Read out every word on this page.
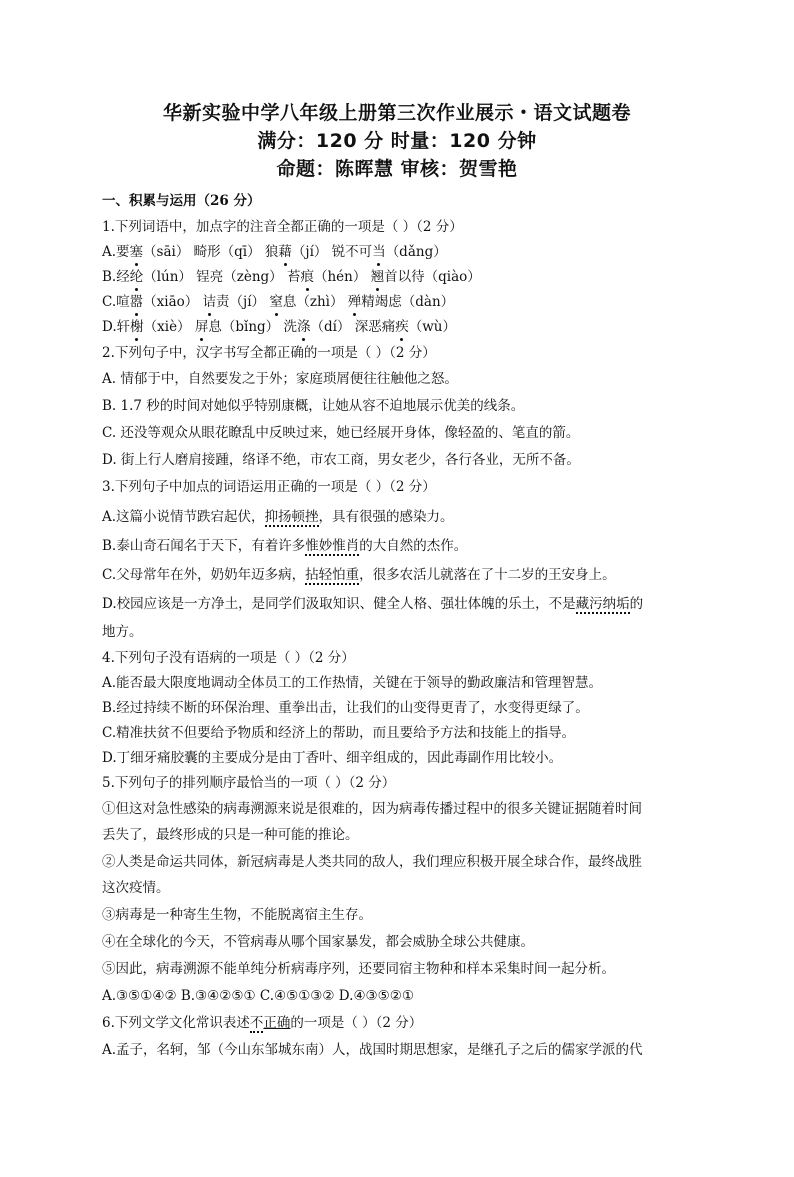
华新实验中学八年级上册第三次作业展示・语文试题卷
满分：120 分 时量：120 分钟
命题：陈晖慧 审核：贺雪艳
一、积累与运用（26 分）
1.下列词语中，加点字的注音全都正确的一项是（ ）（2 分）
A.要塞（sāi） 畸形（qī） 狼藉（jí） 锐不可当（dǎng）
B.经纶（lún） 锃亮（zèng） 苔痕（hén） 翘首以待（qiào）
C.喧嚣（xiāo） 诘责（jí） 窒息（zhì） 殚精竭虑（dàn）
D.轩榭（xiè） 屏息（bǐng） 洗涤（dí） 深恶痛疾（wù）
2.下列句子中，汉字书写全都正确的一项是（ ）（2 分）
A. 情郁于中，自然要发之于外；家庭琐屑便往往触他之怒。
B. 1.7 秒的时间对她似乎特别康概，让她从容不迫地展示优美的线条。
C. 还没等观众从眼花瞭乱中反映过来，她已经展开身体，像轻盈的、笔直的箭。
D. 街上行人磨肩接踵，络译不绝，市农工商，男女老少，各行各业，无所不备。
3.下列句子中加点的词语运用正确的一项是（ ）（2 分）
A.这篇小说情节跌宕起伏，抑扬顿挫，具有很强的感染力。
B.泰山奇石闻名于天下，有着许多惟妙惟肖的大自然的杰作。
C.父母常年在外，奶奶年迈多病，拈轻怕重，很多农活儿就落在了十二岁的王安身上。
D.校园应该是一方净土，是同学们汲取知识、健全人格、强壮体魄的乐土，不是藏污纳垢的
地方。
4.下列句子没有语病的一项是（ ）（2 分）
A.能否最大限度地调动全体员工的工作热情，关键在于领导的勤政廉洁和管理智慧。
B.经过持续不断的环保治理、重拳出击，让我们的山变得更青了，水变得更绿了。
C.精准扶贫不但要给予物质和经济上的帮助，而且要给予方法和技能上的指导。
D.丁细牙痛胶囊的主要成分是由丁香叶、细辛组成的，因此毒副作用比较小。
5.下列句子的排列顺序最恰当的一项（ ）（2 分）
①但这对急性感染的病毒溯源来说是很难的，因为病毒传播过程中的很多关键证据随着时间
丢失了，最终形成的只是一种可能的推论。
②人类是命运共同体，新冠病毒是人类共同的敌人，我们理应积极开展全球合作，最终战胜
这次疫情。
③病毒是一种寄生生物，不能脱离宿主生存。
④在全球化的今天，不管病毒从哪个国家暴发，都会威胁全球公共健康。
⑤因此，病毒溯源不能单纯分析病毒序列，还要同宿主物种和样本采集时间一起分析。
A.③⑤①④② B.③④②⑤① C.④⑤①③② D.④③⑤②①
6.下列文学文化常识表述不正确的一项是（ ）（2 分）
A.孟子，名轲，邹（今山东邹城东南）人，战国时期思想家，是继孔子之后的儒家学派的代
